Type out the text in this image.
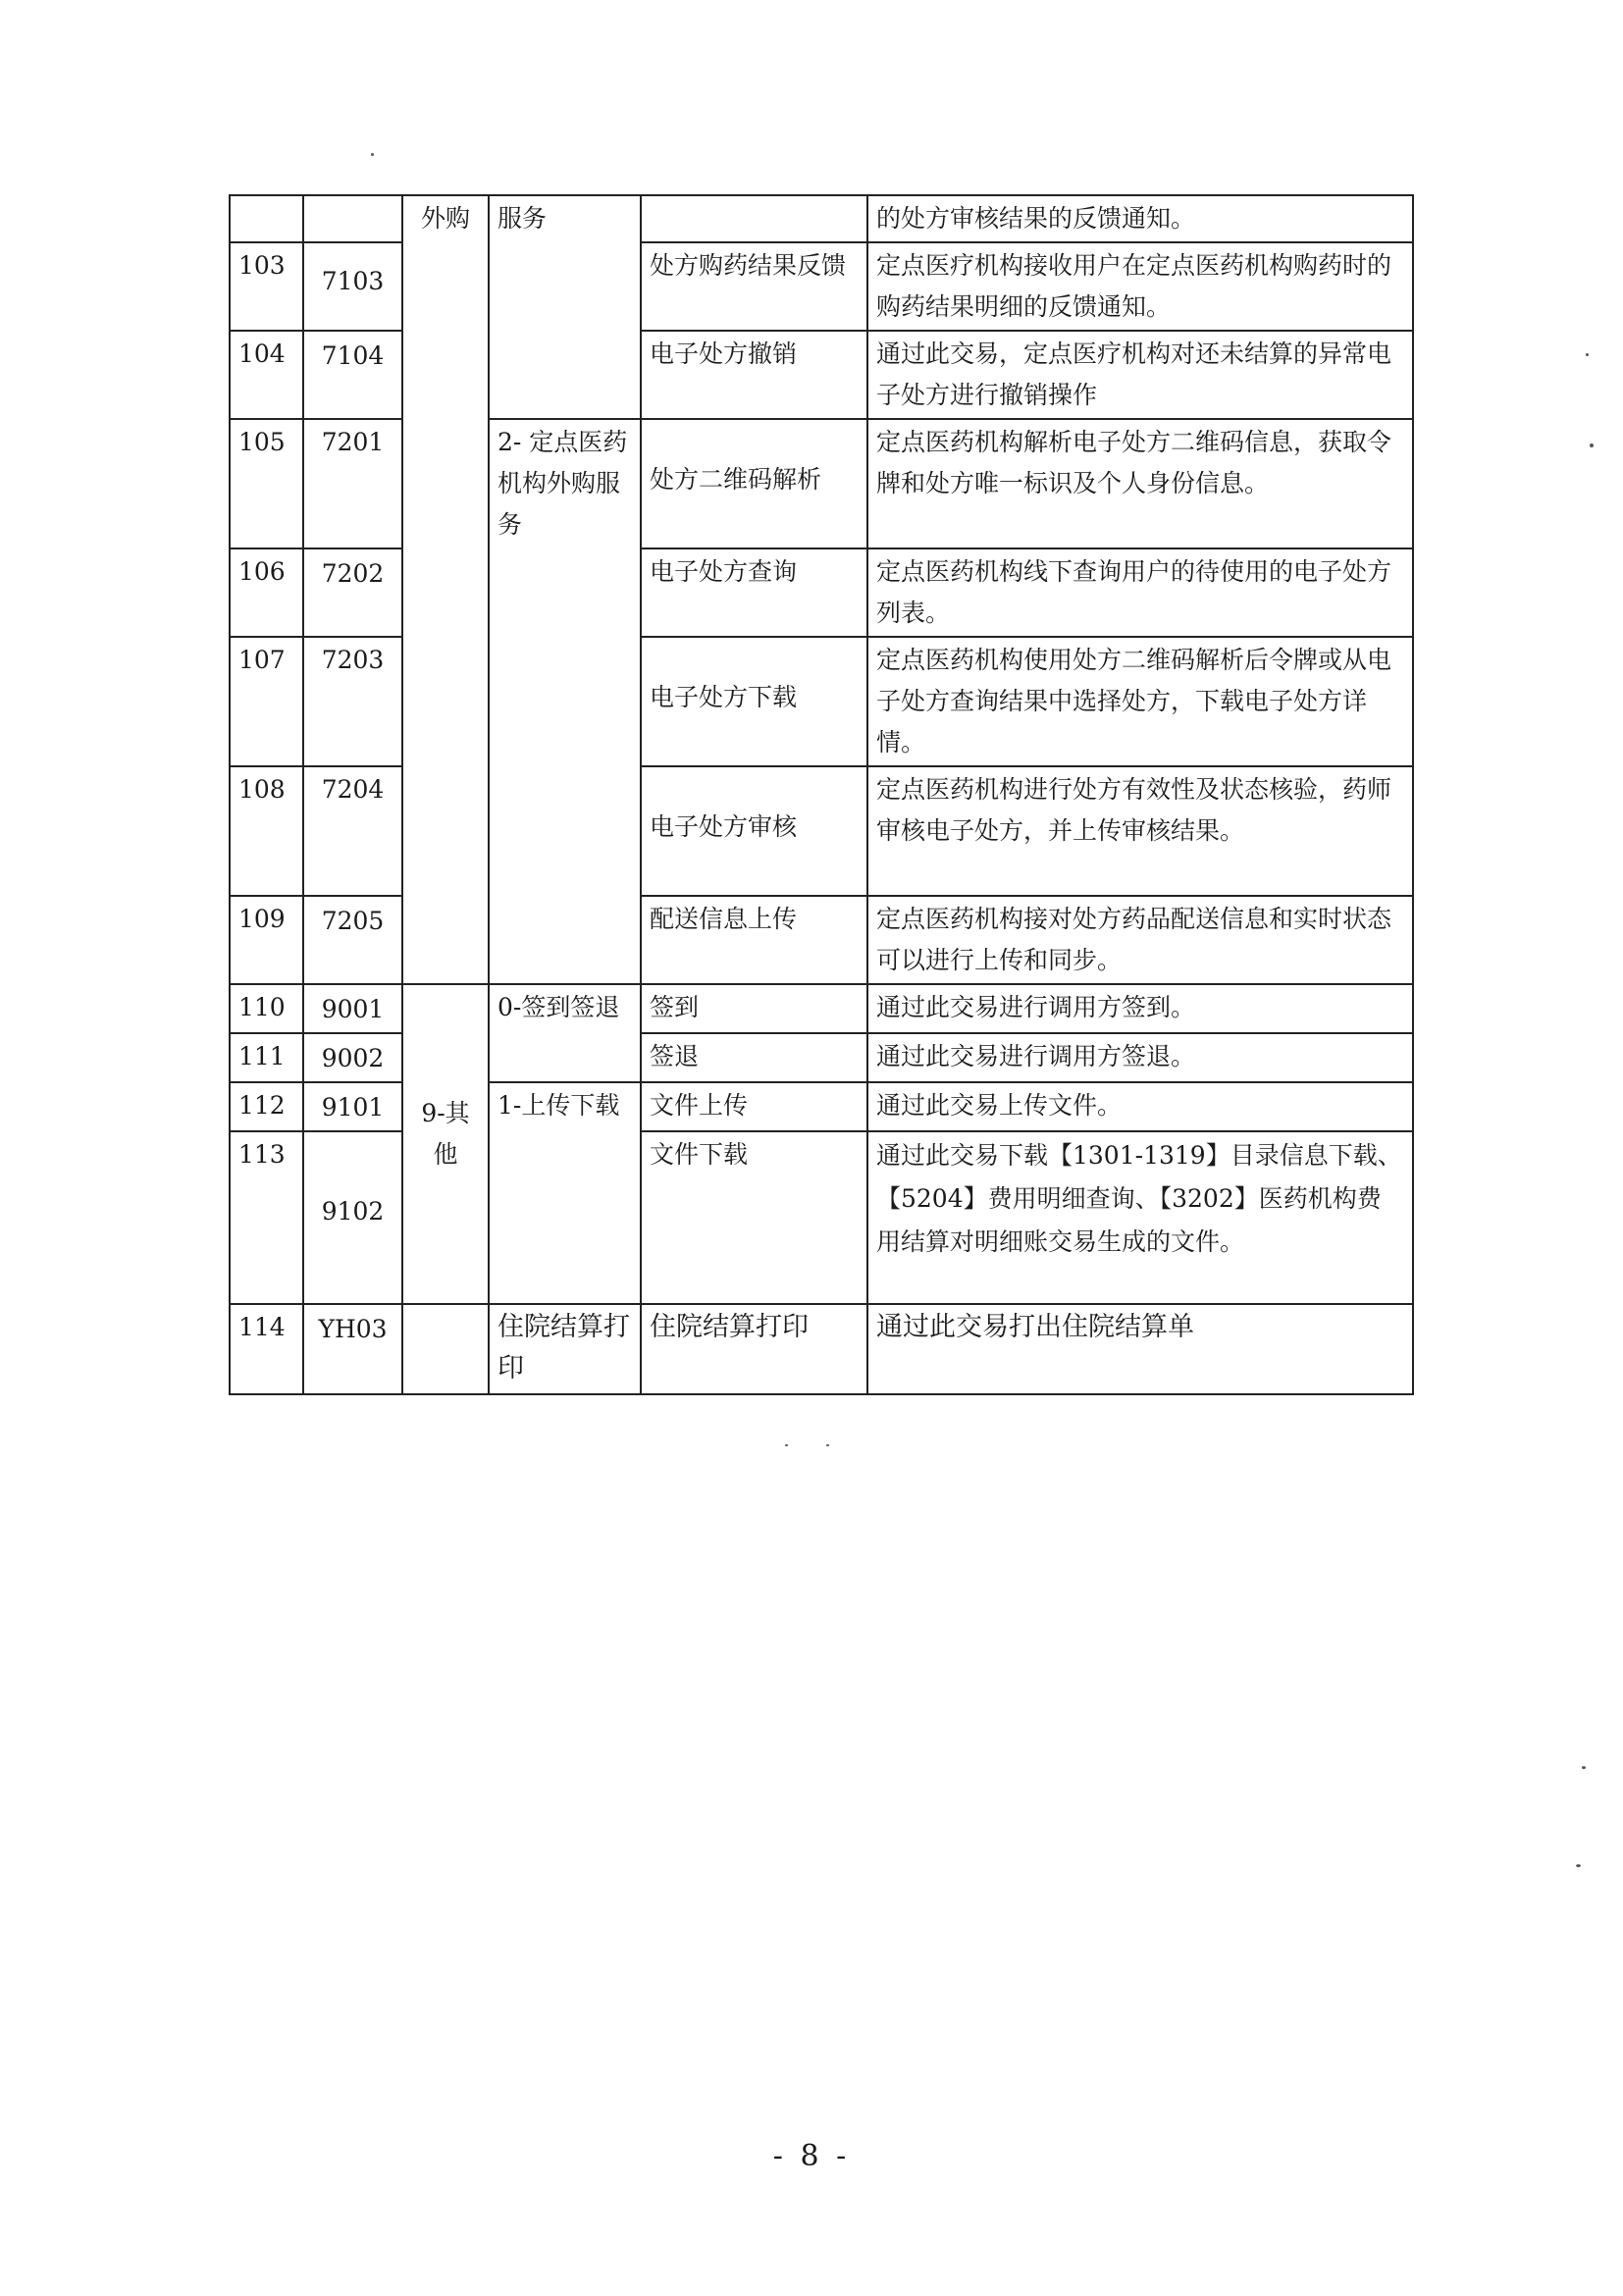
		外购	服务		的处方审核结果的反馈通知。
103	7103			处方购药结果反馈	定点医疗机构接收用户在定点医药机构购药时的购药结果明细的反馈通知。
104	7104			电子处方撤销	通过此交易，定点医疗机构对还未结算的异常电子处方进行撤销操作
105	7201		2- 定点医药机构外购服务	处方二维码解析	定点医药机构解析电子处方二维码信息，获取令牌和处方唯一标识及个人身份信息。
106	7202			电子处方查询	定点医药机构线下查询用户的待使用的电子处方列表。
107	7203			电子处方下载	定点医药机构使用处方二维码解析后令牌或从电子处方查询结果中选择处方，下载电子处方详情。
108	7204			电子处方审核	定点医药机构进行处方有效性及状态核验，药师审核电子处方，并上传审核结果。
109	7205			配送信息上传	定点医药机构接对处方药品配送信息和实时状态可以进行上传和同步。
110	9001	9-其他	0-签到签退	签到	通过此交易进行调用方签到。
111	9002			签退	通过此交易进行调用方签退。
112	9101		1-上传下载	文件上传	通过此交易上传文件。
113	9102			文件下载	通过此交易下载【1301-1319】目录信息下载、【5204】费用明细查询、【3202】医药机构费用结算对明细账交易生成的文件。
114	YH03		住院结算打印	住院结算打印	通过此交易打出住院结算单
- 8 -
